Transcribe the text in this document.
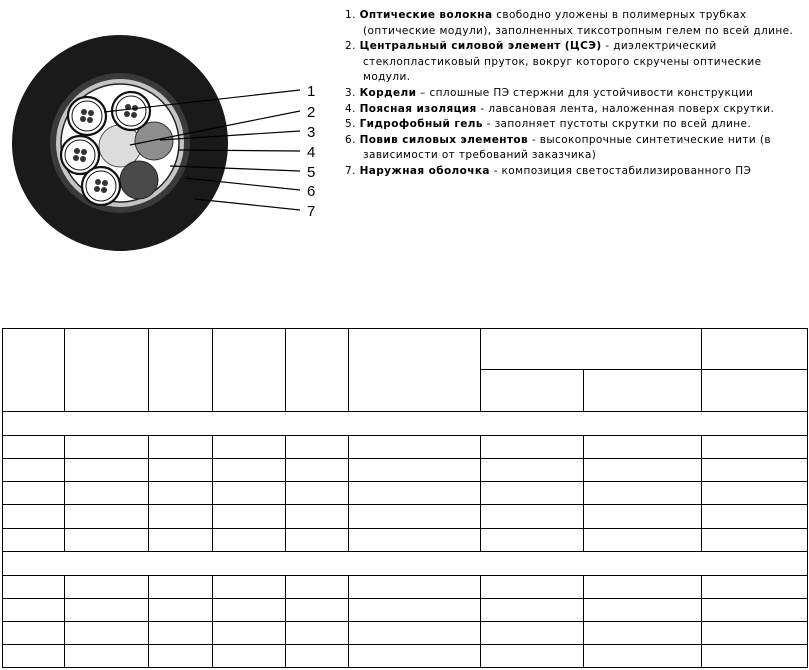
1
2
3
4
5
6
7
1. Оптические волокна свободно уложены в полимерных трубках (оптические модули), заполненных тиксотропным гелем по всей длине.
2. Центральный силовой элемент (ЦСЭ) - диэлектрический стеклопластиковый пруток, вокруг которого скручены оптические модули.
3. Кордели – сплошные ПЭ стержни для устойчивости конструкции
4. Поясная изоляция - лавсановая лента, наложенная поверх скрутки.
5. Гидрофобный гель - заполняет пустоты скрутки по всей длине.
6. Повив силовых элементов - высокопрочные синтетические нити (в зависимости от требований заказчика)
7. Наружная оболочка - композиция светостабилизированного ПЭ
